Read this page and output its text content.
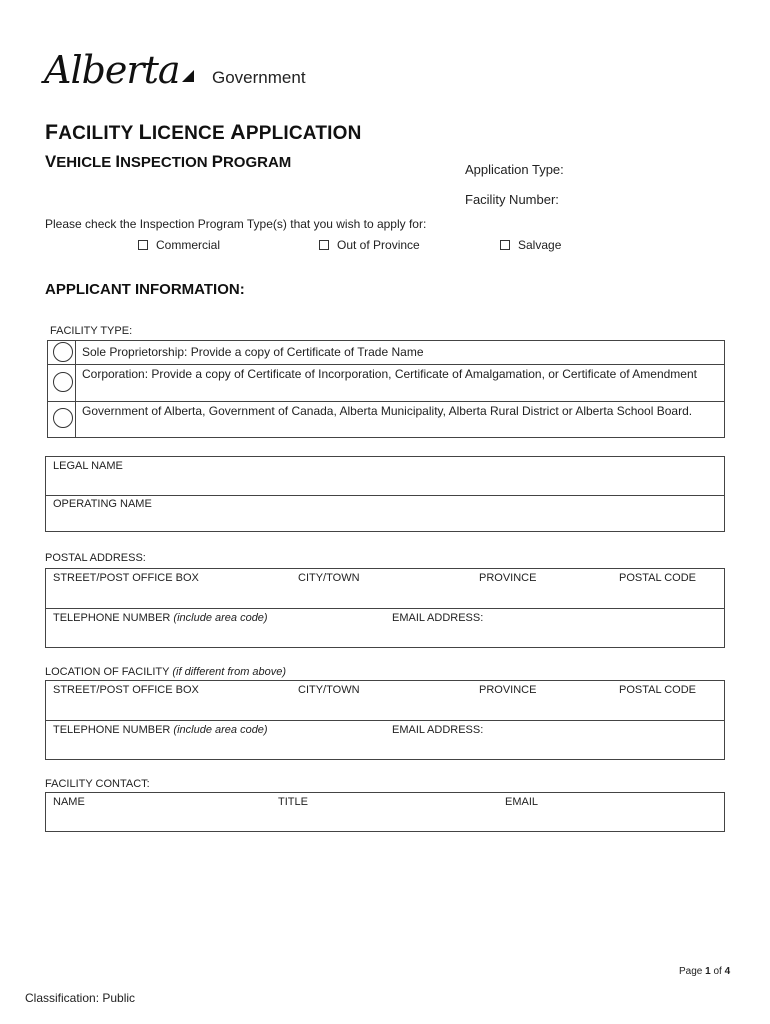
Alberta Government
FACILITY LICENCE APPLICATION
VEHICLE INSPECTION PROGRAM	Application Type:
Facility Number:
Please check the Inspection Program Type(s) that you wish to apply for:
Commercial	Out of Province	Salvage
APPLICANT INFORMATION:
FACILITY TYPE:
Sole Proprietorship: Provide a copy of Certificate of Trade Name
Corporation: Provide a copy of Certificate of Incorporation, Certificate of Amalgamation, or Certificate of Amendment
Government of Alberta, Government of Canada, Alberta Municipality, Alberta Rural District or Alberta School Board.
LEGAL NAME
OPERATING NAME
POSTAL ADDRESS:
STREET/POST OFFICE BOX	CITY/TOWN	PROVINCE	POSTAL CODE
TELEPHONE NUMBER (include area code)	EMAIL ADDRESS:
LOCATION OF FACILITY (if different from above)
STREET/POST OFFICE BOX	CITY/TOWN	PROVINCE	POSTAL CODE
TELEPHONE NUMBER (include area code)	EMAIL ADDRESS:
FACILITY CONTACT:
NAME	TITLE	EMAIL
Page 1 of 4
Classification: Public
